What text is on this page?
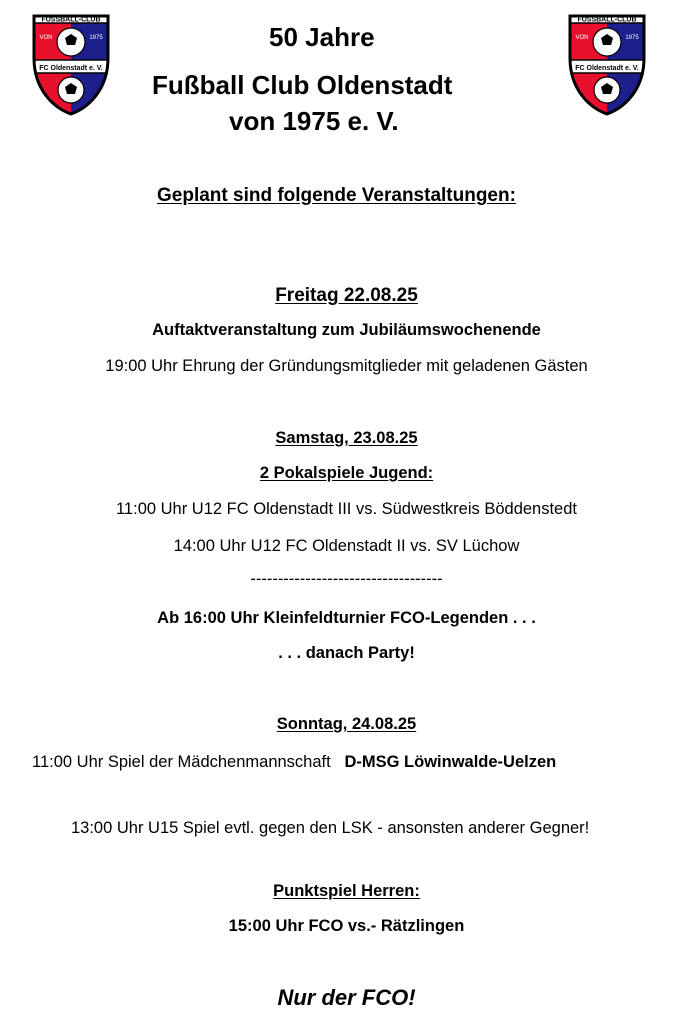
FUSSBALL-CLUB
VON	1975
FC Oldenstadt e. V.
FUSSBALL-CLUB
VON	1975
FC Oldenstadt e. V.
50 Jahre
Fußball Club Oldenstadt
von 1975 e. V.
Geplant sind folgende Veranstaltungen:
Freitag 22.08.25
Auftaktveranstaltung zum Jubiläumswochenende
19:00 Uhr Ehrung der Gründungsmitglieder mit geladenen Gästen
Samstag, 23.08.25
2 Pokalspiele Jugend:
11:00 Uhr U12 FC Oldenstadt III vs. Südwestkreis Böddenstedt
14:00 Uhr U12 FC Oldenstadt II vs. SV Lüchow
-----------------------------------
Ab 16:00 Uhr Kleinfeldturnier FCO-Legenden . . .
. . . danach Party!
Sonntag, 24.08.25
11:00 Uhr Spiel der Mädchenmannschaft D-MSG Löwinwalde-Uelzen
13:00 Uhr U15 Spiel evtl. gegen den LSK - ansonsten anderer Gegner!
Punktspiel Herren:
15:00 Uhr FCO vs.- Rätzlingen
Nur der FCO!
